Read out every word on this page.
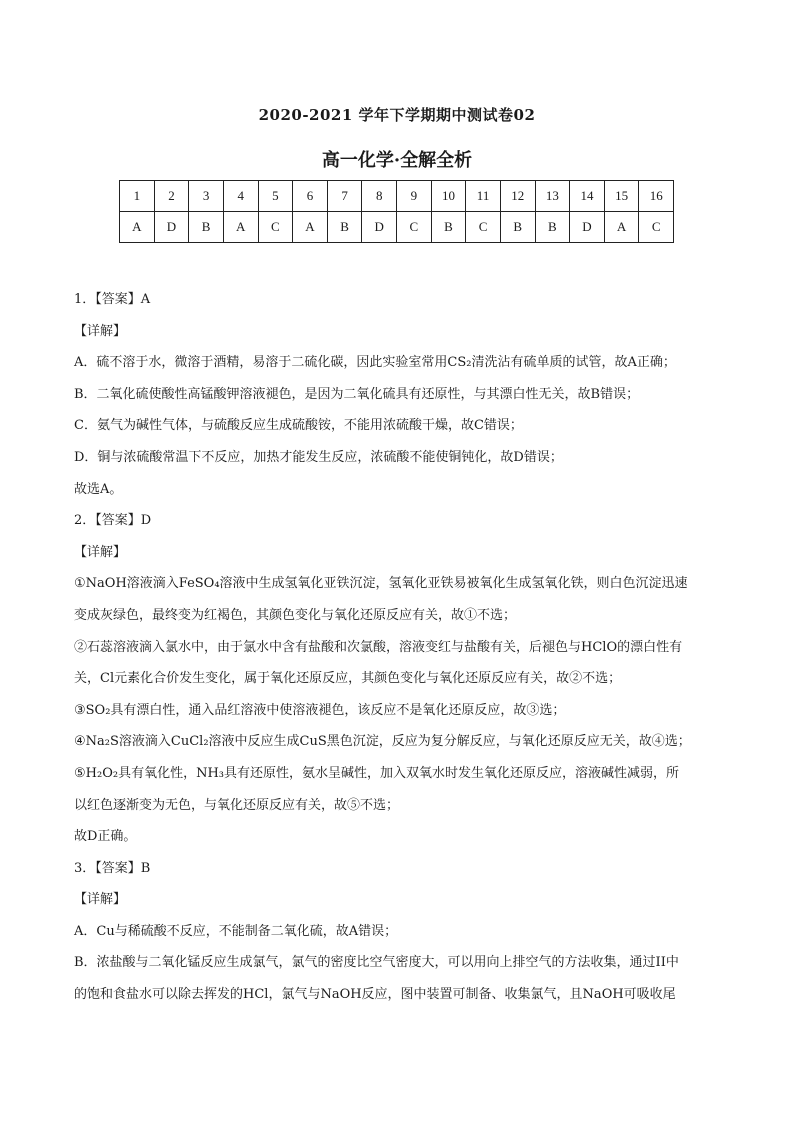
2020-2021 学年下学期期中测试卷02
高一化学·全解全析
1	2	3	4	5	6	7	8	9	10	11	12	13	14	15	16
A	D	B	A	C	A	B	D	C	B	C	B	B	D	A	C
1．【答案】A
【详解】
A．硫不溶于水，微溶于酒精，易溶于二硫化碳，因此实验室常用CS₂清洗沾有硫单质的试管，故A正确；
B．二氧化硫使酸性高锰酸钾溶液褪色，是因为二氧化硫具有还原性，与其漂白性无关，故B错误；
C．氨气为碱性气体，与硫酸反应生成硫酸铵，不能用浓硫酸干燥，故C错误；
D．铜与浓硫酸常温下不反应，加热才能发生反应，浓硫酸不能使铜钝化，故D错误；
故选A。
2．【答案】D
【详解】
①NaOH溶液滴入FeSO₄溶液中生成氢氧化亚铁沉淀，氢氧化亚铁易被氧化生成氢氧化铁，则白色沉淀迅速
变成灰绿色，最终变为红褐色，其颜色变化与氧化还原反应有关，故①不选；
②石蕊溶液滴入氯水中，由于氯水中含有盐酸和次氯酸，溶液变红与盐酸有关，后褪色与HClO的漂白性有
关，Cl元素化合价发生变化，属于氧化还原反应，其颜色变化与氧化还原反应有关，故②不选；
③SO₂具有漂白性，通入品红溶液中使溶液褪色，该反应不是氧化还原反应，故③选；
④Na₂S溶液滴入CuCl₂溶液中反应生成CuS黑色沉淀，反应为复分解反应，与氧化还原反应无关，故④选；
⑤H₂O₂具有氧化性，NH₃具有还原性，氨水呈碱性，加入双氧水时发生氧化还原反应，溶液碱性减弱，所
以红色逐渐变为无色，与氧化还原反应有关，故⑤不选；
故D正确。
3．【答案】B
【详解】
A．Cu与稀硫酸不反应，不能制备二氧化硫，故A错误；
B．浓盐酸与二氧化锰反应生成氯气，氯气的密度比空气密度大，可以用向上排空气的方法收集，通过II中
的饱和食盐水可以除去挥发的HCl，氯气与NaOH反应，图中装置可制备、收集氯气，且NaOH可吸收尾
